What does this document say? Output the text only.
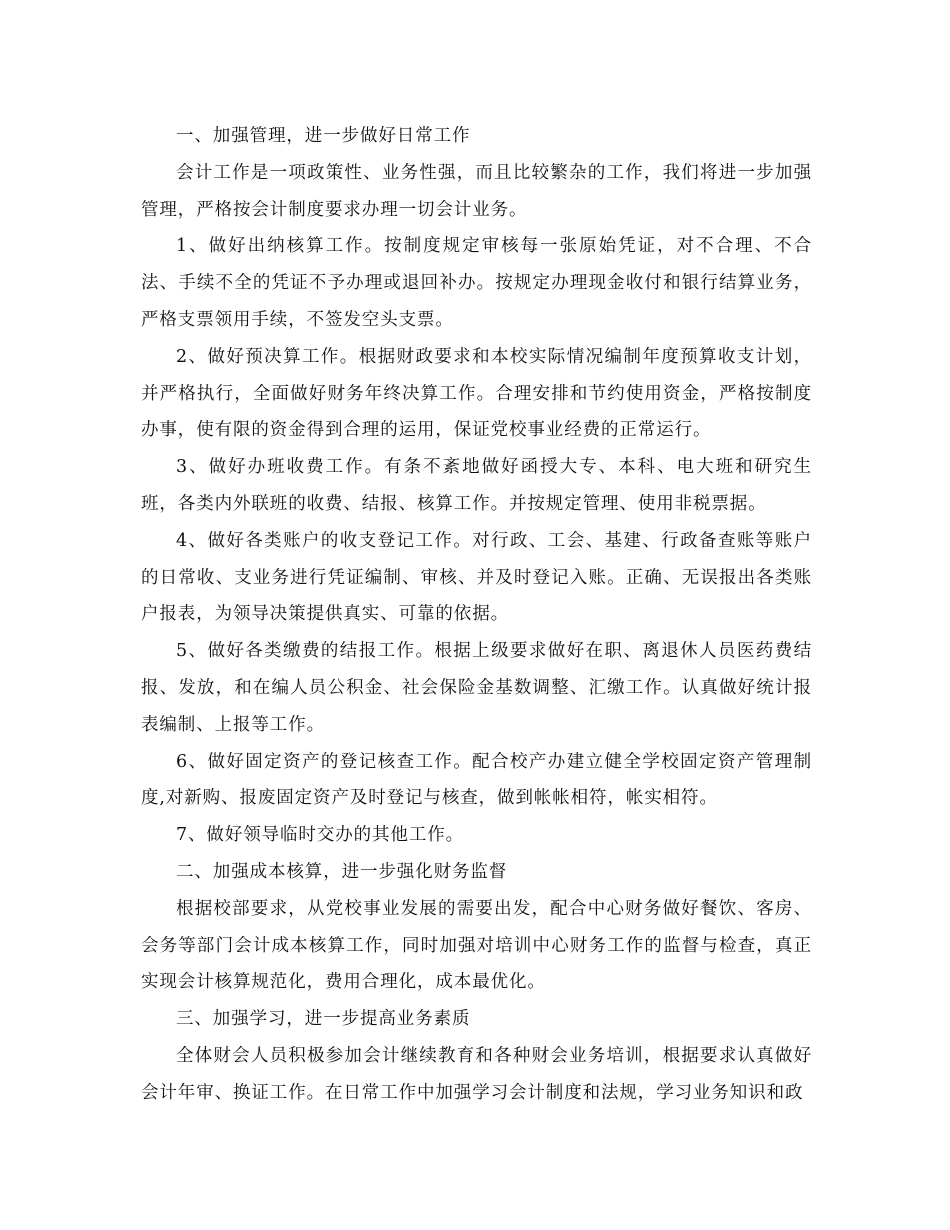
一、加强管理，进一步做好日常工作

会计工作是一项政策性、业务性强，而且比较繁杂的工作，我们将进一步加强管理，严格按会计制度要求办理一切会计业务。

1、做好出纳核算工作。按制度规定审核每一张原始凭证，对不合理、不合法、手续不全的凭证不予办理或退回补办。按规定办理现金收付和银行结算业务，严格支票领用手续，不签发空头支票。

2、做好预决算工作。根据财政要求和本校实际情况编制年度预算收支计划，并严格执行，全面做好财务年终决算工作。合理安排和节约使用资金，严格按制度办事，使有限的资金得到合理的运用，保证党校事业经费的正常运行。

3、做好办班收费工作。有条不紊地做好函授大专、本科、电大班和研究生班，各类内外联班的收费、结报、核算工作。并按规定管理、使用非税票据。

4、做好各类账户的收支登记工作。对行政、工会、基建、行政备查账等账户的日常收、支业务进行凭证编制、审核、并及时登记入账。正确、无误报出各类账户报表，为领导决策提供真实、可靠的依据。

5、做好各类缴费的结报工作。根据上级要求做好在职、离退休人员医药费结报、发放，和在编人员公积金、社会保险金基数调整、汇缴工作。认真做好统计报表编制、上报等工作。

6、做好固定资产的登记核查工作。配合校产办建立健全学校固定资产管理制度,对新购、报废固定资产及时登记与核查，做到帐帐相符，帐实相符。

7、做好领导临时交办的其他工作。

二、加强成本核算，进一步强化财务监督

根据校部要求，从党校事业发展的需要出发，配合中心财务做好餐饮、客房、会务等部门会计成本核算工作，同时加强对培训中心财务工作的监督与检查，真正实现会计核算规范化，费用合理化，成本最优化。

三、加强学习，进一步提高业务素质

全体财会人员积极参加会计继续教育和各种财会业务培训，根据要求认真做好会计年审、换证工作。在日常工作中加强学习会计制度和法规，学习业务知识和政
